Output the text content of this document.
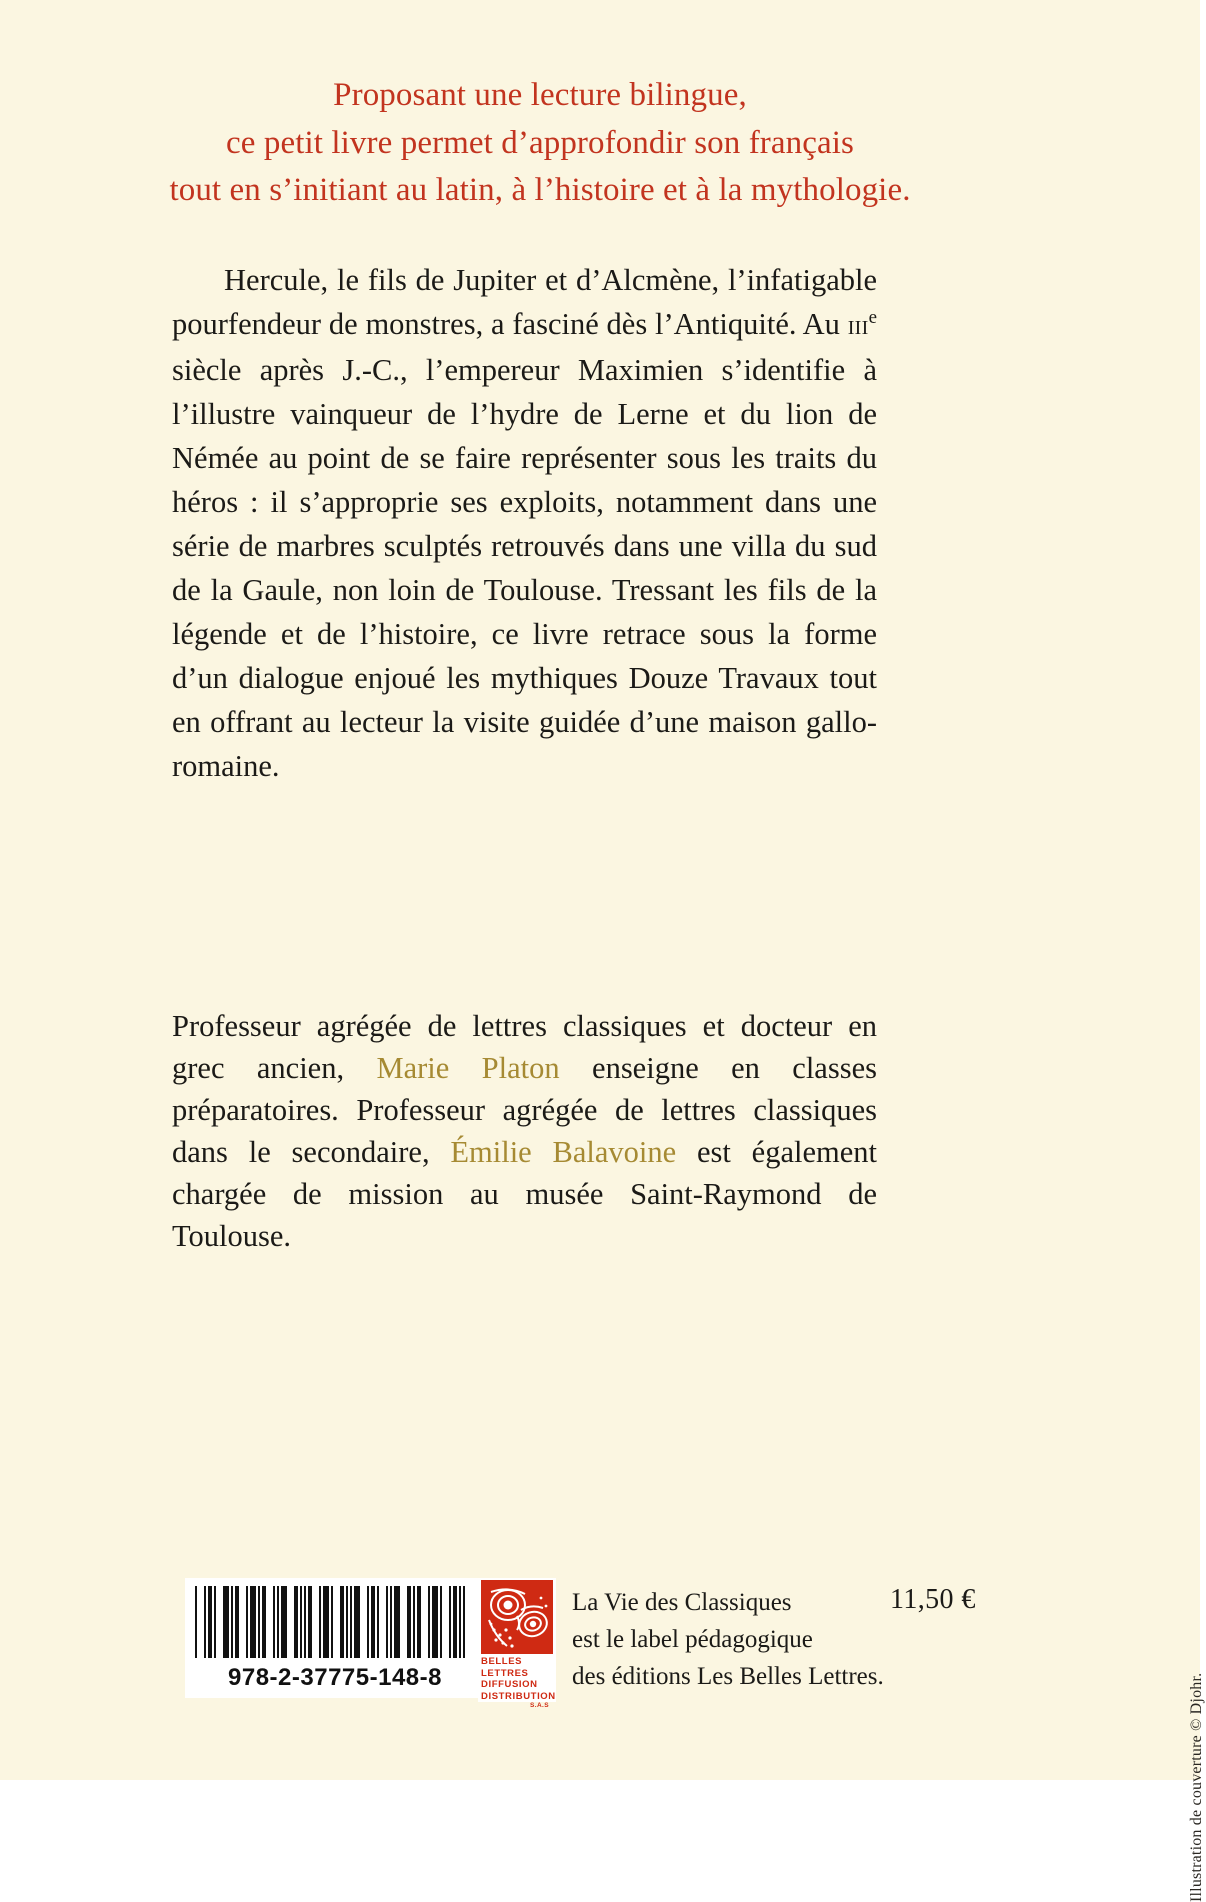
Proposant une lecture bilingue,
ce petit livre permet d’approfondir son français
tout en s’initiant au latin, à l’histoire et à la mythologie.

Hercule, le fils de Jupiter et d’Alcmène, l’infatigable pourfendeur de monstres, a fasciné dès l’Antiquité. Au iii$^e$ siècle après J.-C., l’empereur Maximien s’identifie à l’illustre vainqueur de l’hydre de Lerne et du lion de Némée au point de se faire représenter sous les traits du héros : il s’approprie ses exploits, notamment dans une série de marbres sculptés retrouvés dans une villa du sud de la Gaule, non loin de Toulouse. Tressant les fils de la légende et de l’histoire, ce livre retrace sous la forme d’un dialogue enjoué les mythiques Douze Travaux tout en offrant au lecteur la visite guidée d’une maison gallo-romaine.

Professeur agrégée de lettres classiques et docteur en grec ancien, Marie Platon enseigne en classes préparatoires. Professeur agrégée de lettres classiques dans le secondaire, Émilie Balavoine est également chargée de mission au musée Saint-Raymond de Toulouse.

Illustration de couverture © Djohr.
978-2-37775-148-8
BELLES LETTRES
DIFFUSION
DISTRIBUTION
S.A.S
La Vie des Classiques
est le label pédagogique
des éditions Les Belles Lettres.
11,50 €
